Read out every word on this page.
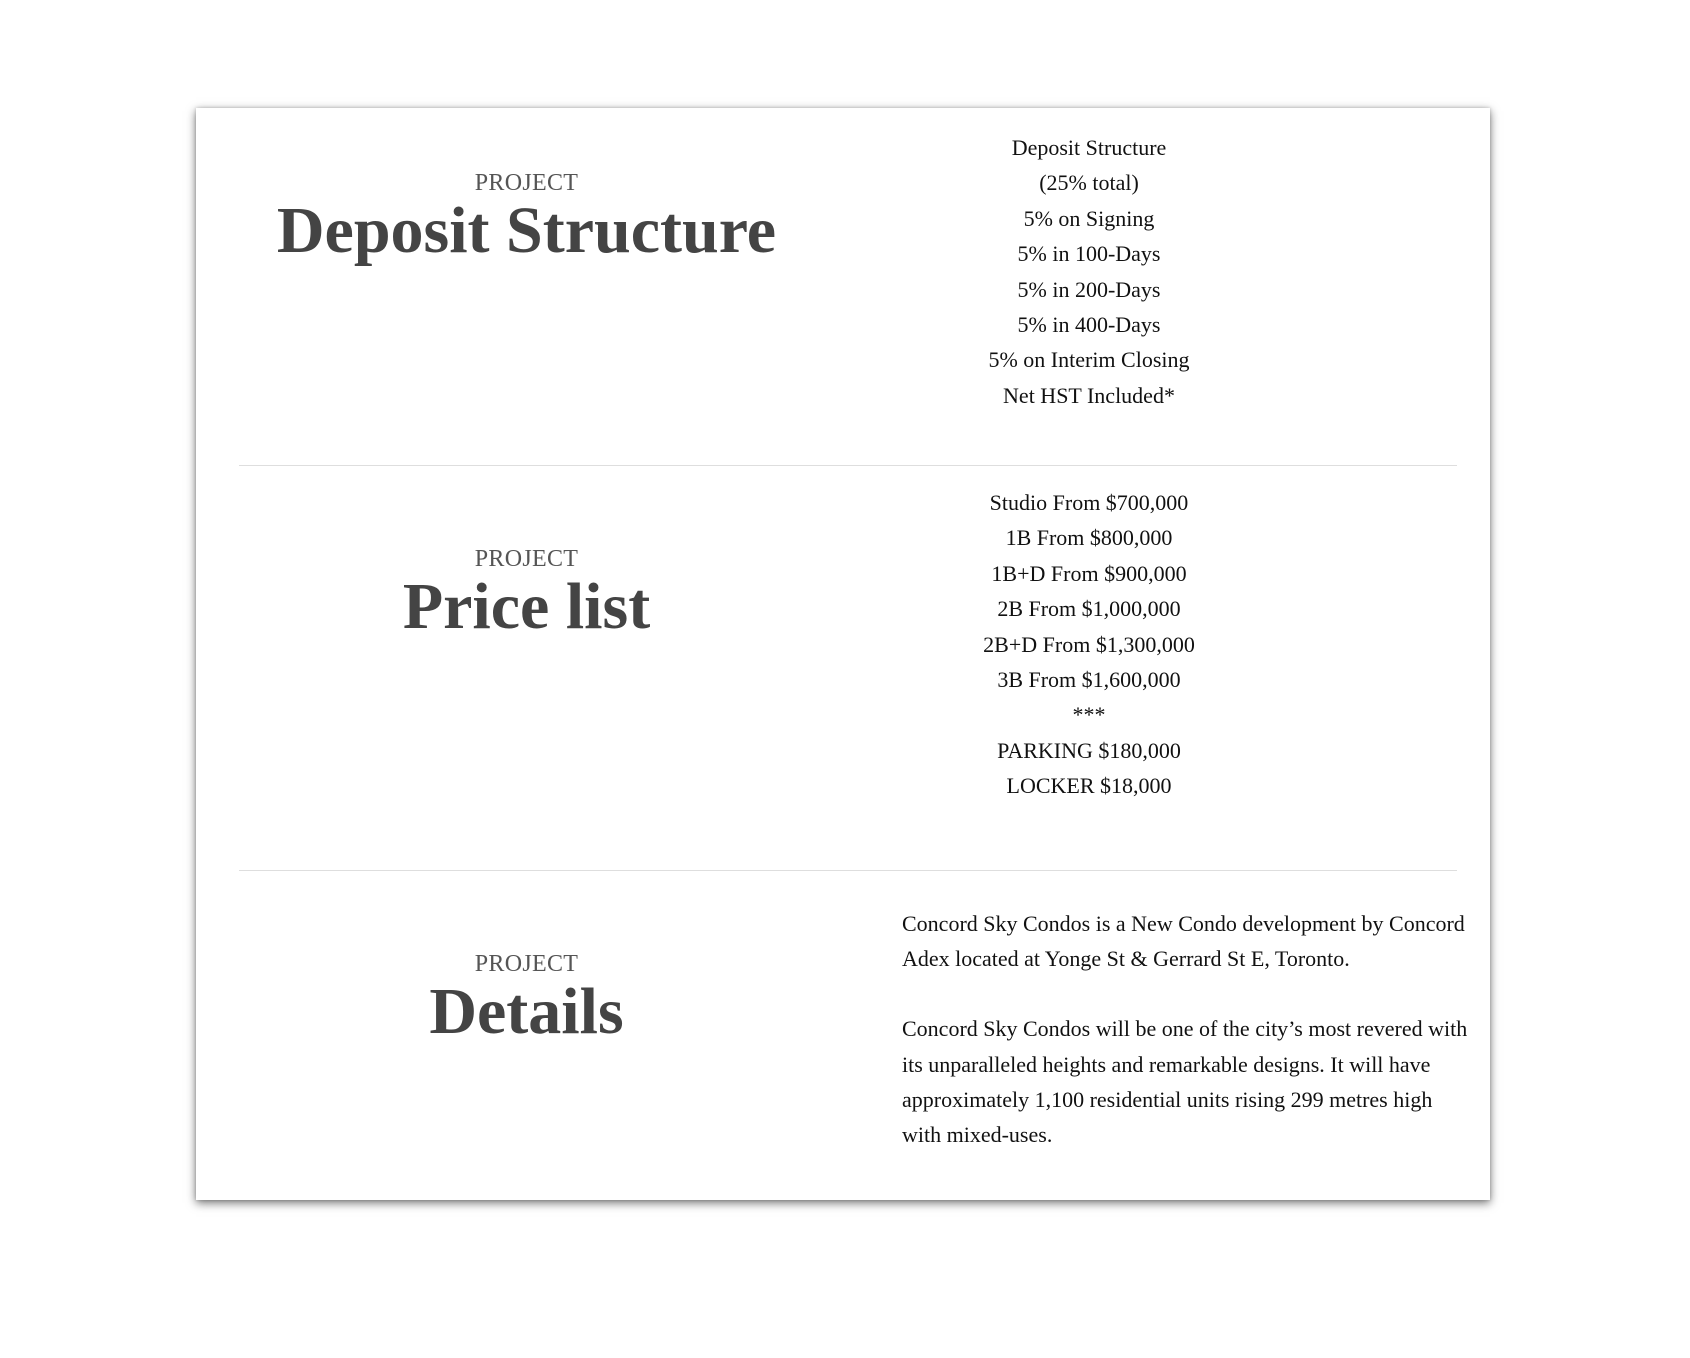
PROJECT
Deposit Structure
Deposit Structure
(25% total)
5% on Signing
5% in 100-Days
5% in 200-Days
5% in 400-Days
5% on Interim Closing
Net HST Included*
PROJECT
Price list
Studio From $700,000
1B From $800,000
1B+D From $900,000
2B From $1,000,000
2B+D From $1,300,000
3B From $1,600,000
***
PARKING $180,000
LOCKER $18,000
PROJECT
Details

Concord Sky Condos is a New Condo development by Concord Adex located at Yonge St & Gerrard St E, Toronto.

Concord Sky Condos will be one of the city’s most revered with its unparalleled heights and remarkable designs. It will have approximately 1,100 residential units rising 299 metres high with mixed-uses.
